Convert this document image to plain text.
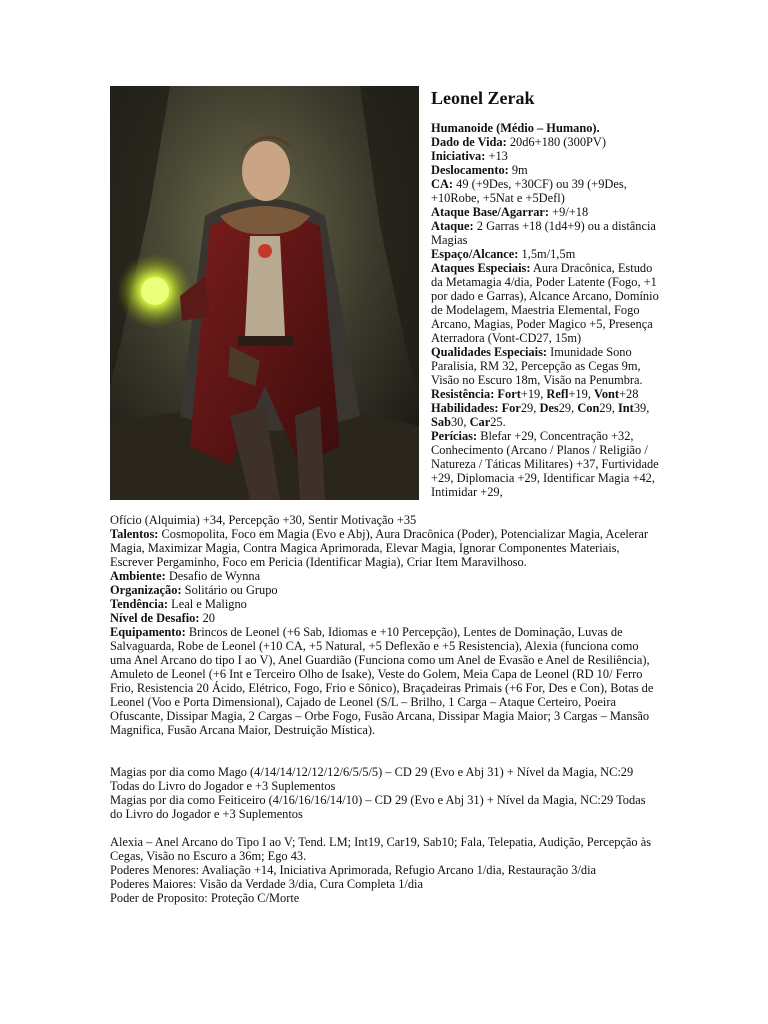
Leonel Zerak

Humanoide (Médio – Humano).

Dado de Vida: 20d6+180 (300PV)

Iniciativa: +13

Deslocamento: 9m

CA: 49 (+9Des, +30CF) ou 39 (+9Des, +10Robe, +5Nat e +5Defl)

Ataque Base/Agarrar: +9/+18

Ataque: 2 Garras +18 (1d4+9) ou a distância Magias

Espaço/Alcance: 1,5m/1,5m

Ataques Especiais: Aura Dracônica, Estudo da Metamagia 4/dia, Poder Latente (Fogo, +1 por dado e Garras), Alcance Arcano, Domínio de Modelagem, Maestria Elemental, Fogo Arcano, Magias, Poder Magico +5, Presença Aterradora (Vont-CD27, 15m)

Qualidades Especiais: Imunidade Sono Paralisia, RM 32, Percepção as Cegas 9m, Visão no Escuro 18m, Visão na Penumbra.

Resistência: Fort+19, Refl+19, Vont+28

Habilidades: For29, Des29, Con29, Int39, Sab30, Car25.

Perícias: Blefar +29, Concentração +32, Conhecimento (Arcano / Planos / Religião / Natureza / Táticas Militares) +37, Furtividade +29, Diplomacia +29, Identificar Magia +42, Intimidar +29,

Ofício (Alquimia) +34, Percepção +30, Sentir Motivação +35

Talentos: Cosmopolita, Foco em Magia (Evo e Abj), Aura Dracônica (Poder), Potencializar Magia, Acelerar Magia, Maximizar Magia, Contra Magica Aprimorada, Elevar Magia, Ignorar Componentes Materiais, Escrever Pergaminho, Foco em Pericia (Identificar Magia), Criar Item Maravilhoso.

Ambiente: Desafio de Wynna

Organização: Solitário ou Grupo

Tendência: Leal e Maligno

Nível de Desafio: 20

Equipamento: Brincos de Leonel (+6 Sab, Idiomas e +10 Percepção), Lentes de Dominação, Luvas de Salvaguarda, Robe de Leonel (+10 CA, +5 Natural, +5 Deflexão e +5 Resistencia), Alexia (funciona como uma Anel Arcano do tipo I ao V), Anel Guardião (Funciona como um Anel de Evasão e Anel de Resiliência), Amuleto de Leonel (+6 Int e Terceiro Olho de Isake), Veste do Golem, Meia Capa de Leonel (RD 10/ Ferro Frio, Resistencia 20 Ácido, Elétrico, Fogo, Frio e Sônico), Braçadeiras Primais (+6 For, Des e Con), Botas de Leonel (Voo e Porta Dimensional), Cajado de Leonel (S/L – Brilho, 1 Carga – Ataque Certeiro, Poeira Ofuscante, Dissipar Magia, 2 Cargas – Orbe Fogo, Fusão Arcana, Dissipar Magia Maior; 3 Cargas – Mansão Magnifica, Fusão Arcana Maior, Destruição Mística).

Magias por dia como Mago (4/14/14/12/12/12/6/5/5/5) – CD 29 (Evo e Abj 31) + Nível da Magia, NC:29 Todas do Livro do Jogador e +3 Suplementos

Magias por dia como Feiticeiro (4/16/16/16/14/10) – CD 29 (Evo e Abj 31) + Nível da Magia, NC:29 Todas do Livro do Jogador e +3 Suplementos

Alexia – Anel Arcano do Tipo I ao V; Tend. LM; Int19, Car19, Sab10; Fala, Telepatia, Audição, Percepção às Cegas, Visão no Escuro a 36m; Ego 43.

Poderes Menores: Avaliação +14, Iniciativa Aprimorada, Refugio Arcano 1/dia, Restauração 3/dia

Poderes Maiores: Visão da Verdade 3/dia, Cura Completa 1/dia

Poder de Proposito: Proteção C/Morte
